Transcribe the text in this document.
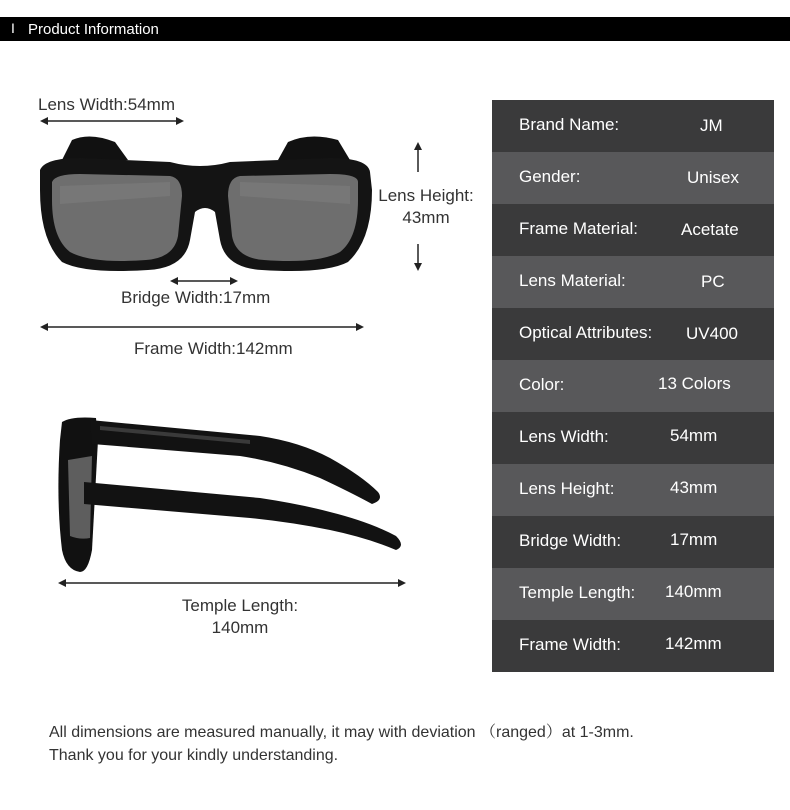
I Product Information
Lens Width:54mm
Lens Height:
43mm
Bridge Width:17mm
Frame Width:142mm
Temple Length:
140mm
Brand Name:	JM
Gender:	Unisex
Frame Material:	Acetate
Lens Material:	PC
Optical Attributes: UV400
Color:	13 Colors
Lens Width:	54mm
Lens Height:	43mm
Bridge Width:	17mm
Temple Length: 140mm
Frame Width:	142mm
All dimensions are measured manually, it may with deviation （ranged）at 1-3mm.
Thank you for your kindly understanding.
